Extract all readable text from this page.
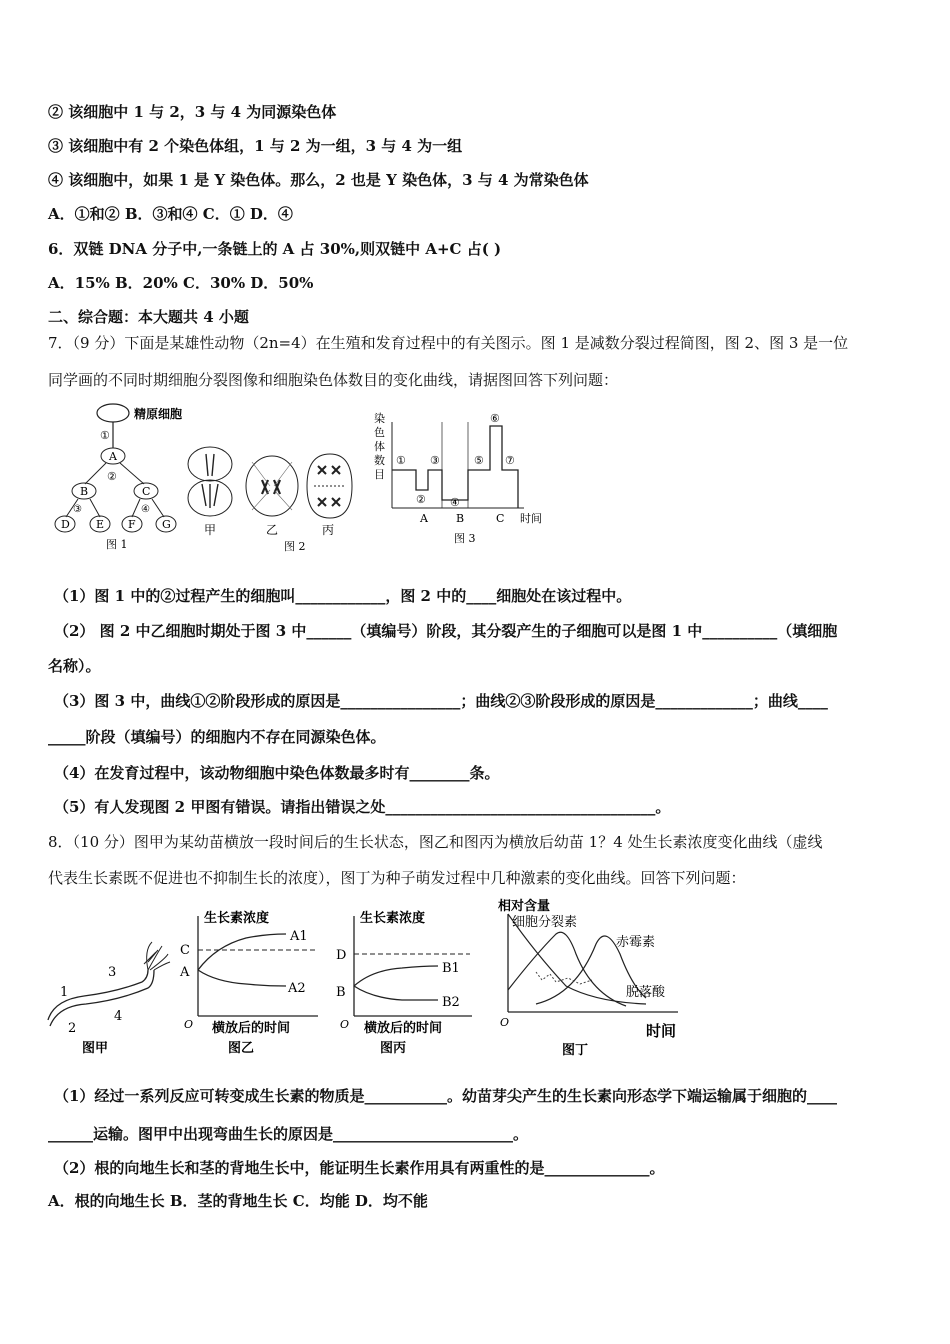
② 该细胞中 1 与 2，3 与 4 为同源染色体
③ 该细胞中有 2 个染色体组，1 与 2 为一组，3 与 4 为一组
④ 该细胞中，如果 1 是 Y 染色体。那么，2 也是 Y 染色体，3 与 4 为常染色体
A．①和② B．③和④ C．① D．④
6．双链 DNA 分子中,一条链上的 A 占 30%,则双链中 A+C 占( )
A．15% B．20% C．30% D．50%
二、综合题：本大题共 4 小题
7．（9 分）下面是某雄性动物（2n=4）在生殖和发育过程中的有关图示。图 1 是减数分裂过程简图，图 2、图 3 是一位
同学画的不同时期细胞分裂图像和细胞染色体数目的变化曲线，请据图回答下列问题：
精原细胞
①
A
②
B	C
③	④
D E F G
图 1
甲	乙	丙
图 2
染
色
体
数
目
①
②
③
④
⑤
⑥
⑦
A	B	C 时间
图 3
（1）图 1 中的②过程产生的细胞叫____________，图 2 中的____细胞处在该过程中。
（2） 图 2 中乙细胞时期处于图 3 中______（填编号）阶段，其分裂产生的子细胞可以是图 1 中__________（填细胞
名称）。
（3）图 3 中，曲线①②阶段形成的原因是________________；曲线②③阶段形成的原因是_____________；曲线____
_____阶段（填编号）的细胞内不存在同源染色体。
（4）在发育过程中，该动物细胞中染色体数最多时有________条。
（5）有人发现图 2 甲图有错误。请指出错误之处____________________________________。
8．（10 分）图甲为某幼苗横放一段时间后的生长状态，图乙和图丙为横放后幼苗 1？4 处生长素浓度变化曲线（虚线
代表生长素既不促进也不抑制生长的浓度），图丁为种子萌发过程中几种激素的变化曲线。回答下列问题：
1
2
3
4
图甲
生长素浓度
C
A
O
A1
A2
横放后的时间
图乙
生长素浓度
D
B
O
B1
B2
横放后的时间
图丙
相对含量
O
细胞分裂素
赤霉素
脱落酸
时间
图丁
（1）经过一系列反应可转变成生长素的物质是___________。幼苗芽尖产生的生长素向形态学下端运输属于细胞的____
______运输。图甲中出现弯曲生长的原因是________________________。
（2）根的向地生长和茎的背地生长中，能证明生长素作用具有两重性的是______________。
A．根的向地生长 B．茎的背地生长 C．均能 D．均不能
